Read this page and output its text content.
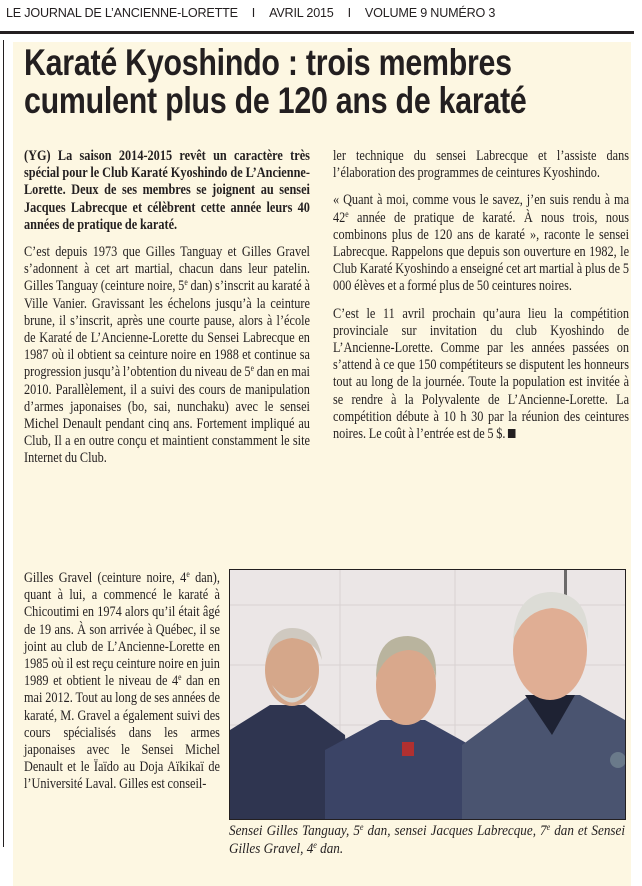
LE JOURNAL DE L’ANCIENNE-LORETTE I AVRIL 2015 I VOLUME 9 NUMÉRO 3
Karaté Kyoshindo : trois membres
cumulent plus de 120 ans de karaté

(YG) La saison 2014-2015 revêt un caractère très spécial pour le Club Karaté Kyoshindo de L’Ancienne-Lorette. Deux de ses membres se joignent au sensei Jacques Labrecque et célèbrent cette année leurs 40 années de pratique de karaté.

C’est depuis 1973 que Gilles Tanguay et Gilles Gravel s’adonnent à cet art martial, chacun dans leur patelin. Gilles Tanguay (ceinture noire, 5e dan) s’inscrit au karaté à Ville Vanier. Gravissant les échelons jusqu’à la ceinture brune, il s’inscrit, après une courte pause, alors à l’école de Karaté de L’Ancienne-Lorette du Sensei Labrecque en 1987 où il obtient sa ceinture noire en 1988 et continue sa progression jusqu’à l’obtention du niveau de 5e dan en mai 2010. Parallèlement, il a suivi des cours de manipulation d’armes japonaises (bo, sai, nunchaku) avec le sensei Michel Denault pendant cinq ans. Fortement impliqué au Club, Il a en outre conçu et maintient constamment le site Internet du Club.

ler technique du sensei Labrecque et l’assiste dans l’élaboration des programmes de ceintures Kyoshindo.

« Quant à moi, comme vous le savez, j’en suis rendu à ma 42e année de pratique de karaté. À nous trois, nous combinons plus de 120 ans de karaté », raconte le sensei Labrecque. Rappelons que depuis son ouverture en 1982, le Club Karaté Kyoshindo a enseigné cet art martial à plus de 5 000 élèves et a formé plus de 50 ceintures noires.

C’est le 11 avril prochain qu’aura lieu la compétition provinciale sur invitation du club Kyoshindo de L’Ancienne-Lorette. Comme par les années passées on s’attend à ce que 150 compétiteurs se disputent les honneurs tout au long de la journée. Toute la population est invitée à se rendre à la Polyvalente de L’Ancienne-Lorette. La compétition débute à 10 h 30 par la réunion des ceintures noires. Le coût à l’entrée est de 5 $.

Gilles Gravel (ceinture noire, 4e dan), quant à lui, a commencé le karaté à Chicoutimi en 1974 alors qu’il était âgé de 19 ans. À son arrivée à Québec, il se joint au club de L’Ancienne-Lorette en 1985 où il est reçu ceinture noire en juin 1989 et obtient le niveau de 4e dan en mai 2012. Tout au long de ses années de karaté, M. Gravel a également suivi des cours spécialisés dans les armes japonaises avec le Sensei Michel Denault et le Ïaïdo au Doja Aïkikaï de l’Université Laval. Gilles est conseil-

Sensei Gilles Tanguay, 5e dan, sensei Jacques Labrecque, 7e dan et Sensei Gilles Gravel, 4e dan.
